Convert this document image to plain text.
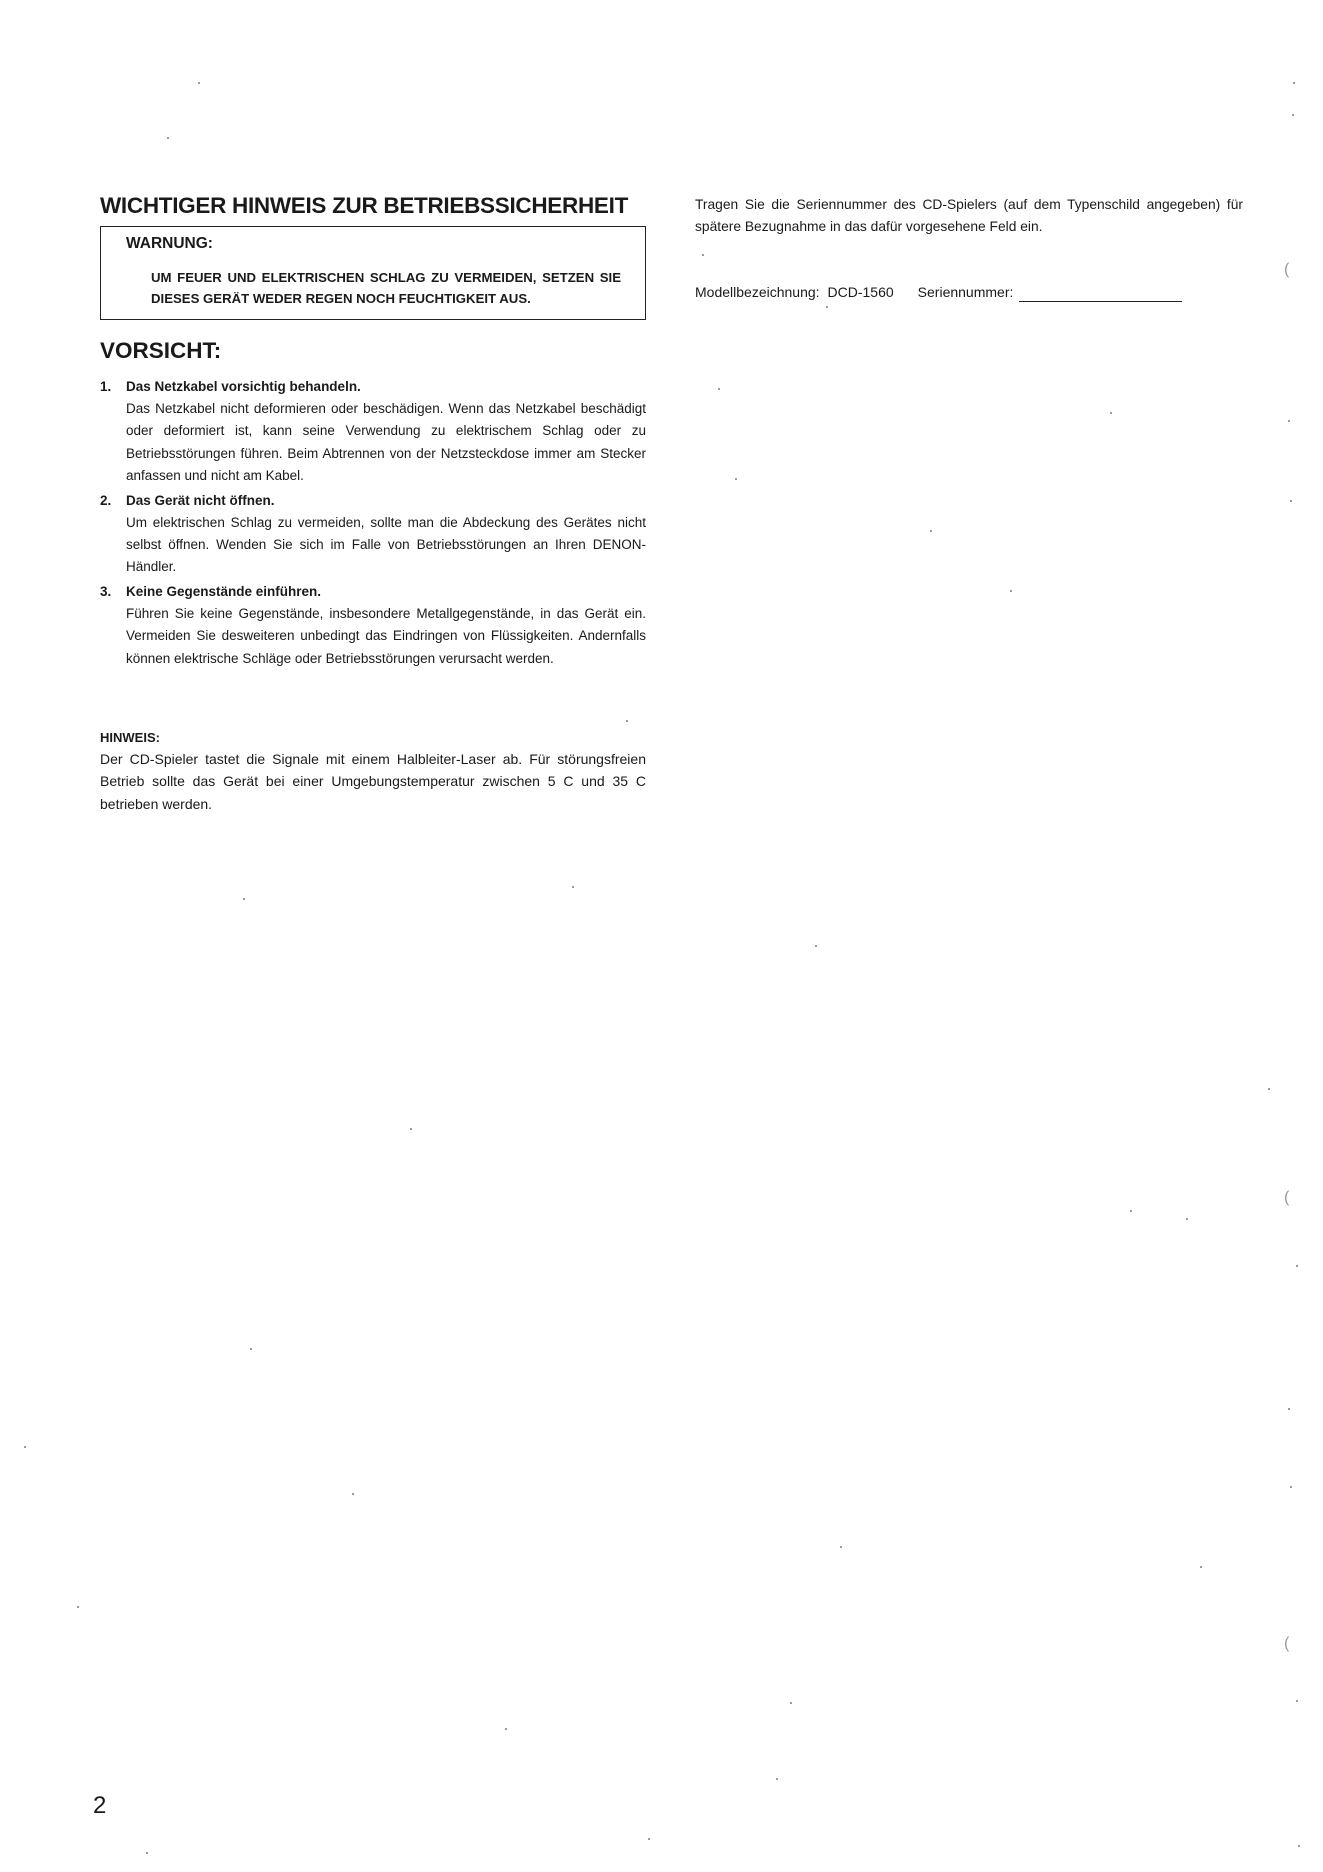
WICHTIGER HINWEIS ZUR BETRIEBSSICHERHEIT
WARNUNG:
UM FEUER UND ELEKTRISCHEN SCHLAG ZU VERMEIDEN, SETZEN SIE DIESES GERÄT WEDER REGEN NOCH FEUCHTIGKEIT AUS.
VORSICHT:
1. Das Netzkabel vorsichtig behandeln.
Das Netzkabel nicht deformieren oder beschädigen. Wenn das Netzkabel beschädigt oder deformiert ist, kann seine Verwendung zu elektrischem Schlag oder zu Betriebsstörungen führen. Beim Abtrennen von der Netzsteckdose immer am Stecker anfassen und nicht am Kabel.
2. Das Gerät nicht öffnen.
Um elektrischen Schlag zu vermeiden, sollte man die Abdeckung des Gerätes nicht selbst öffnen. Wenden Sie sich im Falle von Betriebsstörungen an Ihren DENON-Händler.
3. Keine Gegenstände einführen.
Führen Sie keine Gegenstände, insbesondere Metallgegenstände, in das Gerät ein. Vermeiden Sie desweiteren unbedingt das Eindringen von Flüssigkeiten. Andernfalls können elektrische Schläge oder Betriebsstörungen verursacht werden.
HINWEIS:
Der CD-Spieler tastet die Signale mit einem Halbleiter-Laser ab. Für störungsfreien Betrieb sollte das Gerät bei einer Umgebungstemperatur zwischen 5 C und 35 C betrieben werden.
Tragen Sie die Seriennummer des CD-Spielers (auf dem Typenschild angegeben) für spätere Bezugnahme in das dafür vorgesehene Feld ein.
Modellbezeichnung: DCD-1560 Seriennummer:
2
(
(
(
